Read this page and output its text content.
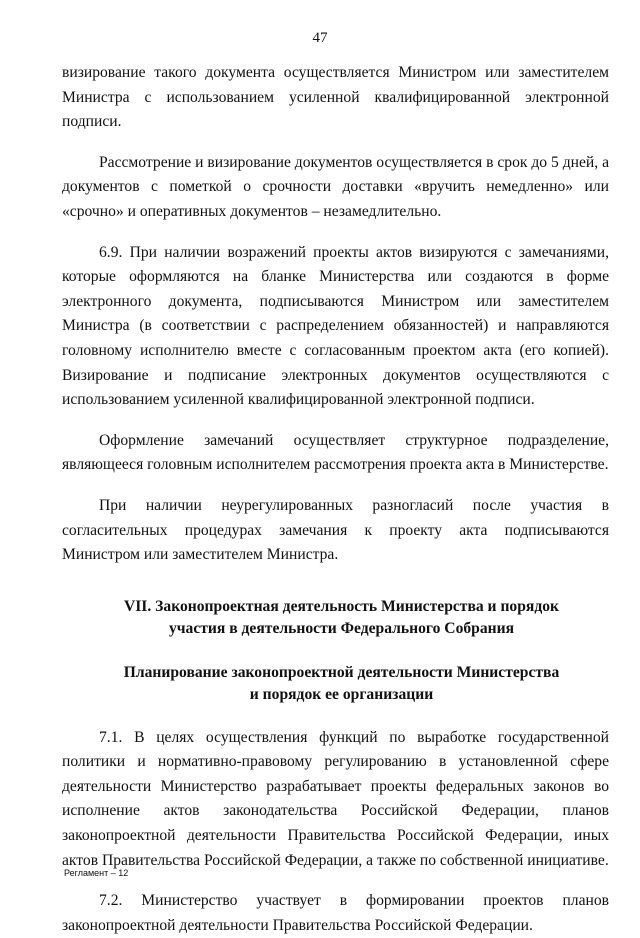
47

визирование такого документа осуществляется Министром или заместителем Министра с использованием усиленной квалифицированной электронной подписи.

Рассмотрение и визирование документов осуществляется в срок до 5 дней, а документов с пометкой о срочности доставки «вручить немедленно» или «срочно» и оперативных документов – незамедлительно.

6.9. При наличии возражений проекты актов визируются с замечаниями, которые оформляются на бланке Министерства или создаются в форме электронного документа, подписываются Министром или заместителем Министра (в соответствии с распределением обязанностей) и направляются головному исполнителю вместе с согласованным проектом акта (его копией). Визирование и подписание электронных документов осуществляются с использованием усиленной квалифицированной электронной подписи.

Оформление замечаний осуществляет структурное подразделение, являющееся головным исполнителем рассмотрения проекта акта в Министерстве.

При наличии неурегулированных разногласий после участия в согласительных процедурах замечания к проекту акта подписываются Министром или заместителем Министра.

VII. Законопроектная деятельность Министерства и порядок

участия в деятельности Федерального Собрания

Планирование законопроектной деятельности Министерства

и порядок ее организации

7.1. В целях осуществления функций по выработке государственной политики и нормативно-правовому регулированию в установленной сфере деятельности Министерство разрабатывает проекты федеральных законов во исполнение актов законодательства Российской Федерации, планов законопроектной деятельности Правительства Российской Федерации, иных актов Правительства Российской Федерации, а также по собственной инициативе.

7.2. Министерство участвует в формировании проектов планов законопроектной деятельности Правительства Российской Федерации.

Регламент – 12
